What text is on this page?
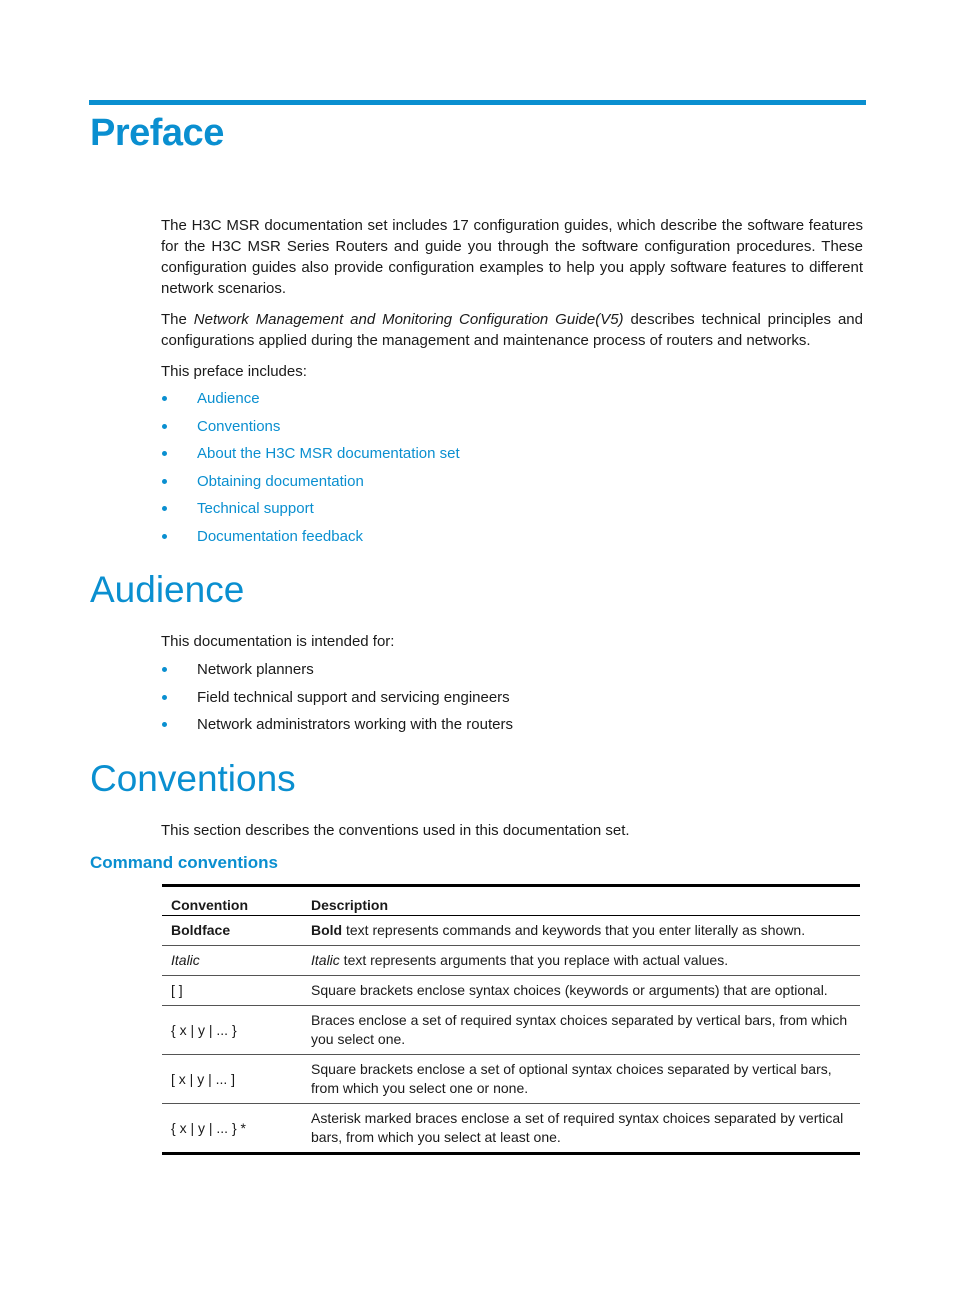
Preface

The H3C MSR documentation set includes 17 configuration guides, which describe the software features for the H3C MSR Series Routers and guide you through the software configuration procedures. These configuration guides also provide configuration examples to help you apply software features to different network scenarios.

The Network Management and Monitoring Configuration Guide(V5) describes technical principles and configurations applied during the management and maintenance process of routers and networks.

This preface includes:

Audience
Conventions
About the H3C MSR documentation set
Obtaining documentation
Technical support
Documentation feedback
Audience

This documentation is intended for:

Network planners
Field technical support and servicing engineers
Network administrators working with the routers
Conventions

This section describes the conventions used in this documentation set.

Command conventions
Convention	Description
Boldface	Bold text represents commands and keywords that you enter literally as shown.
Italic	Italic text represents arguments that you replace with actual values.
[ ]	Square brackets enclose syntax choices (keywords or arguments) that are optional.
{ x | y | ... }	Braces enclose a set of required syntax choices separated by vertical bars, from which you select one.
[ x | y | ... ]	Square brackets enclose a set of optional syntax choices separated by vertical bars, from which you select one or none.
{ x | y | ... } *	Asterisk marked braces enclose a set of required syntax choices separated by vertical bars, from which you select at least one.
